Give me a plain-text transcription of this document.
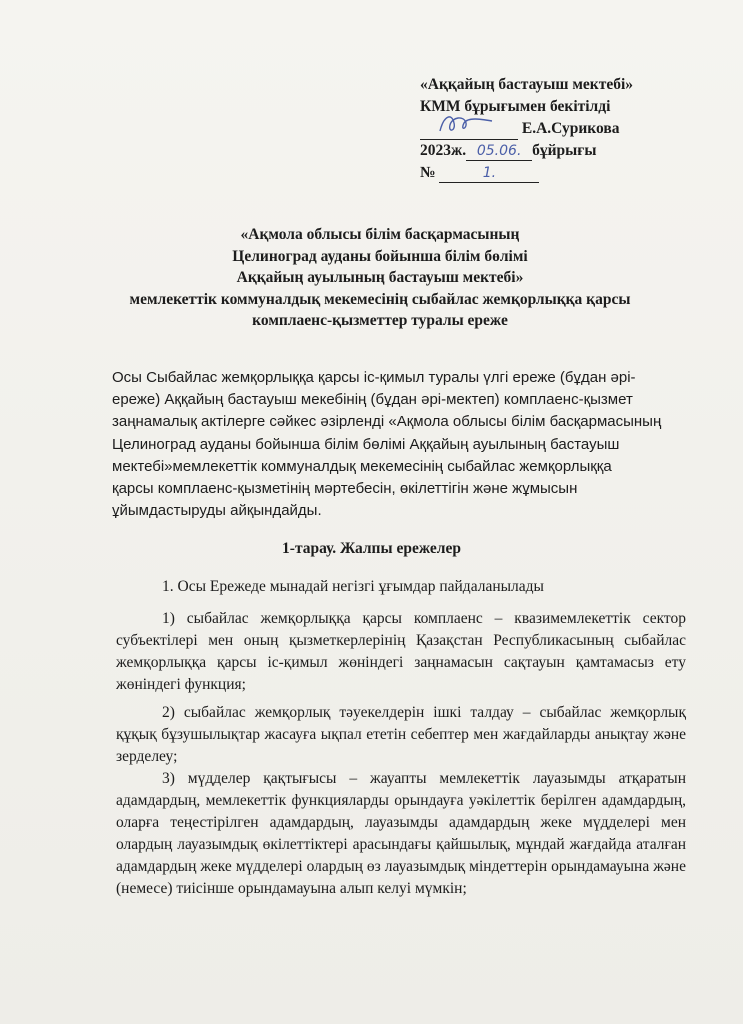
«Аққайың бастауыш мектебі»
КММ бұрығымен бекітілді
Е.А.Сурикова
2023ж. 05.06. бұйрығы
№	1.
«Ақмола облысы білім басқармасының
Целиноград ауданы бойынша білім бөлімі
Аққайың ауылының бастауыш мектебі»
мемлекеттік коммуналдық мекемесінің сыбайлас жемқорлыққа қарсы
комплаенс-қызметтер туралы ереже
Осы Сыбайлас жемқорлыққа қарсы іс-қимыл туралы үлгі ереже (бұдан әрі-
ереже) Аққайың бастауыш мекебінің (бұдан әрі-мектеп) комплаенс-қызмет
заңнамалық актілерге сәйкес әзірленді «Ақмола облысы білім басқармасының
Целиноград ауданы бойынша білім бөлімі Аққайың ауылының бастауыш
мектебі»мемлекеттік коммуналдық мекемесінің сыбайлас жемқорлыққа
қарсы комплаенс-қызметінің мәртебесін, өкілеттігін және жұмысын
ұйымдастыруды айқындайды.
1-тарау. Жалпы ережелер

1. Осы Ережеде мынадай негізгі ұғымдар пайдаланылады

1) сыбайлас жемқорлыққа қарсы комплаенс – квазимемлекеттік сектор субъектілері мен оның қызметкерлерінің Қазақстан Республикасының сыбайлас жемқорлыққа қарсы іс-қимыл жөніндегі заңнамасын сақтауын қамтамасыз ету жөніндегі функция;

2) сыбайлас жемқорлық тәуекелдерін ішкі талдау – сыбайлас жемқорлық құқық бұзушылықтар жасауға ықпал ететін себептер мен жағдайларды анықтау және зерделеу;

3) мүдделер қақтығысы – жауапты мемлекеттік лауазымды атқаратын адамдардың, мемлекеттік функцияларды орындауға уәкілеттік берілген адамдардың, оларға теңестірілген адамдардың, лауазымды адамдардың жеке мүдделері мен олардың лауазымдық өкілеттіктері арасындағы қайшылық, мұндай жағдайда аталған адамдардың жеке мүдделері олардың өз лауазымдық міндеттерін орындамауына және (немесе) тиісінше орындамауына алып келуі мүмкін;
